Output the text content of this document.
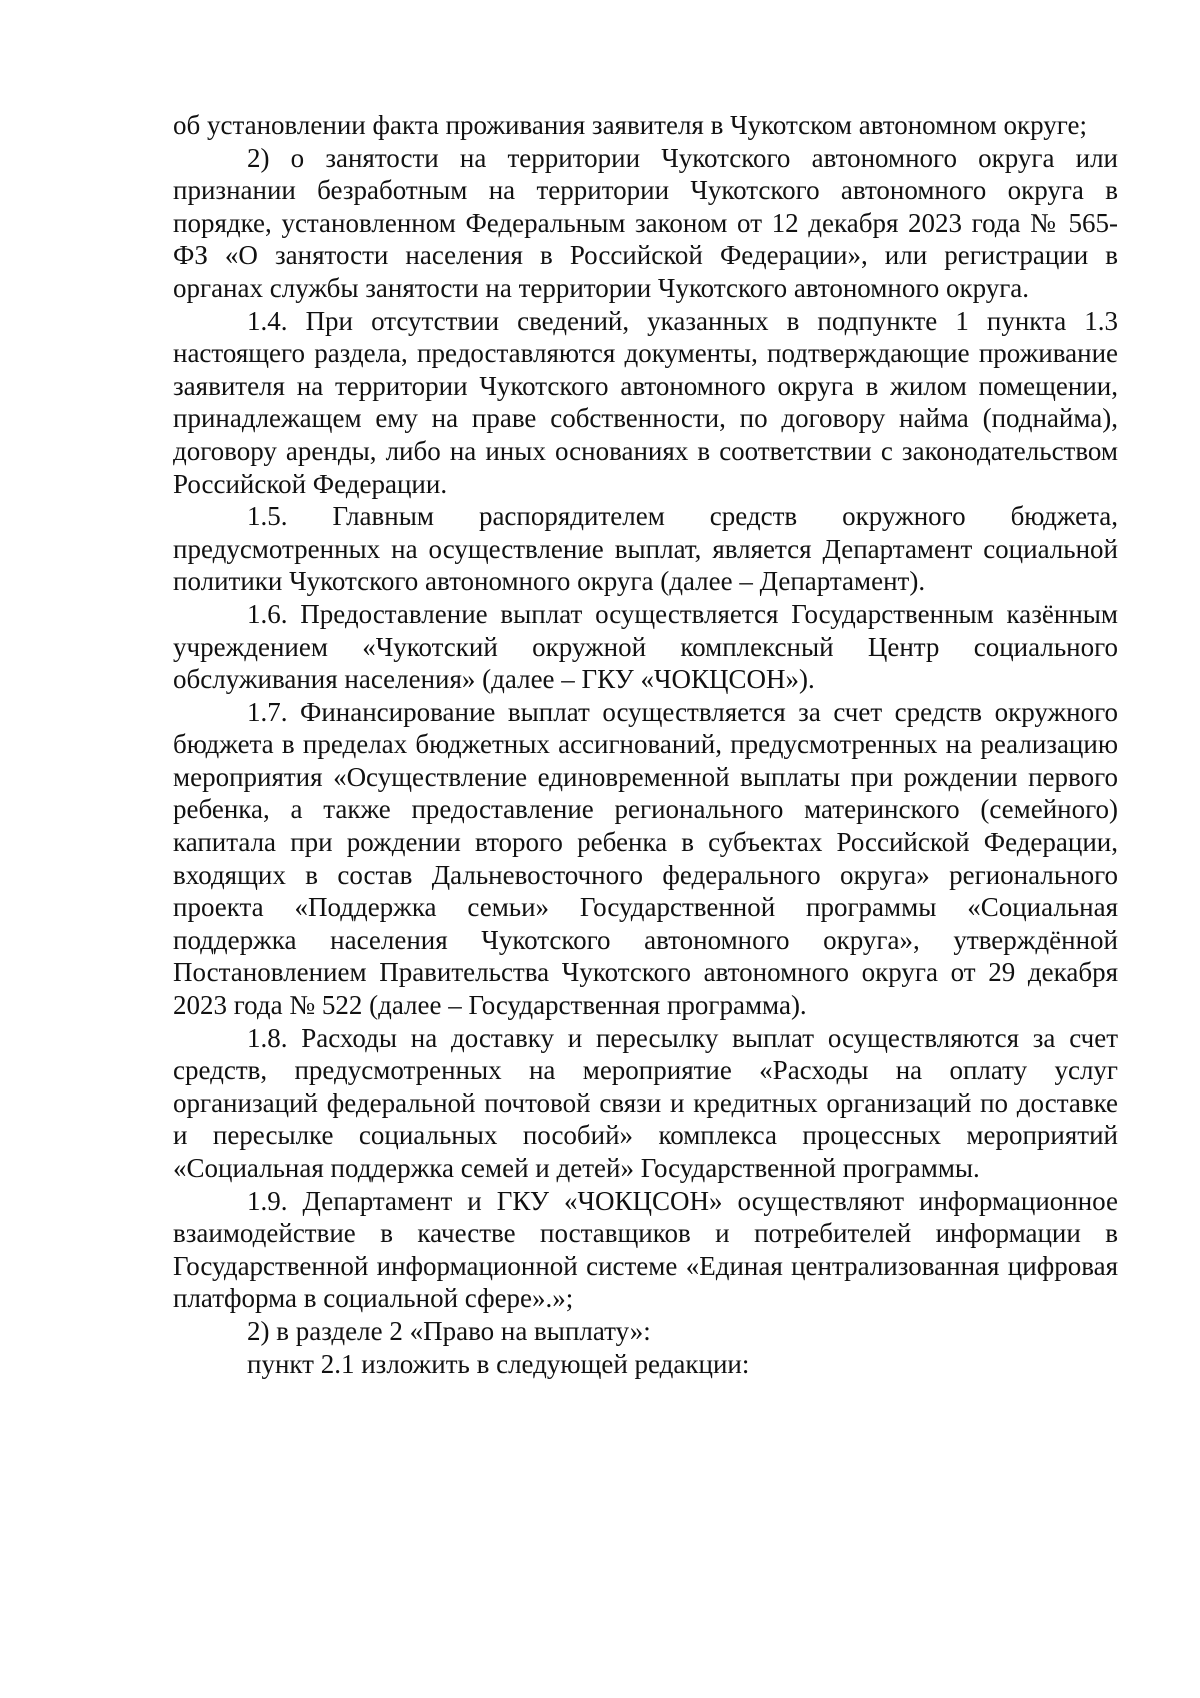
об установлении факта проживания заявителя в Чукотском автономном округе;

2) о занятости на территории Чукотского автономного округа или признании безработным на территории Чукотского автономного округа в порядке, установленном Федеральным законом от 12 декабря 2023 года № 565-ФЗ «О занятости населения в Российской Федерации», или регистрации в органах службы занятости на территории Чукотского автономного округа.

1.4. При отсутствии сведений, указанных в подпункте 1 пункта 1.3 настоящего раздела, предоставляются документы, подтверждающие проживание заявителя на территории Чукотского автономного округа в жилом помещении, принадлежащем ему на праве собственности, по договору найма (поднайма), договору аренды, либо на иных основаниях в соответствии с законодательством Российской Федерации.

1.5. Главным распорядителем средств окружного бюджета, предусмотренных на осуществление выплат, является Департамент социальной политики Чукотского автономного округа (далее – Департамент).

1.6. Предоставление выплат осуществляется Государственным казённым учреждением «Чукотский окружной комплексный Центр социального обслуживания населения» (далее – ГКУ «ЧОКЦСОН»).

1.7. Финансирование выплат осуществляется за счет средств окружного бюджета в пределах бюджетных ассигнований, предусмотренных на реализацию мероприятия «Осуществление единовременной выплаты при рождении первого ребенка, а также предоставление регионального материнского (семейного) капитала при рождении второго ребенка в субъектах Российской Федерации, входящих в состав Дальневосточного федерального округа» регионального проекта «Поддержка семьи» Государственной программы «Социальная поддержка населения Чукотского автономного округа», утверждённой Постановлением Правительства Чукотского автономного округа от 29 декабря 2023 года № 522 (далее – Государственная программа).

1.8. Расходы на доставку и пересылку выплат осуществляются за счет средств, предусмотренных на мероприятие «Расходы на оплату услуг организаций федеральной почтовой связи и кредитных организаций по доставке и пересылке социальных пособий» комплекса процессных мероприятий «Социальная поддержка семей и детей» Государственной программы.

1.9. Департамент и ГКУ «ЧОКЦСОН» осуществляют информационное взаимодействие в качестве поставщиков и потребителей информации в Государственной информационной системе «Единая централизованная цифровая платформа в социальной сфере».»;

2) в разделе 2 «Право на выплату»:

пункт 2.1 изложить в следующей редакции:
